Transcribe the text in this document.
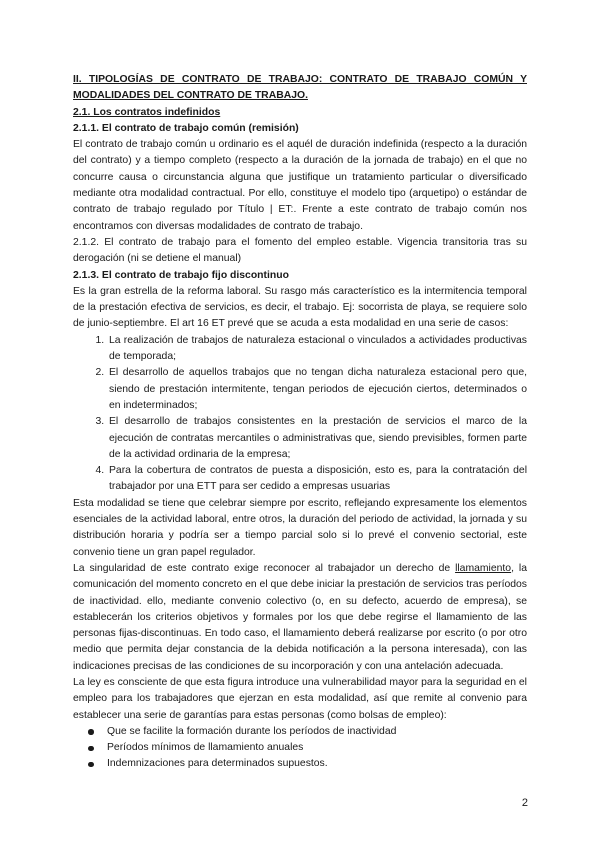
II. TIPOLOGÍAS DE CONTRATO DE TRABAJO: CONTRATO DE TRABAJO COMÚN Y
MODALIDADES DEL CONTRATO DE TRABAJO.
2.1. Los contratos indefinidos
2.1.1. El contrato de trabajo común (remisión)

El contrato de trabajo común u ordinario es el aquél de duración indefinida (respecto a la duración del contrato) y a tiempo completo (respecto a la duración de la jornada de trabajo) en el que no concurre causa o circunstancia alguna que justifique un tratamiento particular o diversificado mediante otra modalidad contractual. Por ello, constituye el modelo tipo (arquetipo) o estándar de contrato de trabajo regulado por Título | ET:. Frente a este contrato de trabajo común nos encontramos con diversas modalidades de contrato de trabajo.

2.1.2. El contrato de trabajo para el fomento del empleo estable. Vigencia transitoria tras su derogación (ni se detiene el manual)

2.1.3. El contrato de trabajo fijo discontinuo

Es la gran estrella de la reforma laboral. Su rasgo más característico es la intermitencia temporal de la prestación efectiva de servicios, es decir, el trabajo. Ej: socorrista de playa, se requiere solo de junio-septiembre. El art 16 ET prevé que se acuda a esta modalidad en una serie de casos:

1. La realización de trabajos de naturaleza estacional o vinculados a actividades productivas de temporada;
2. El desarrollo de aquellos trabajos que no tengan dicha naturaleza estacional pero que, siendo de prestación intermitente, tengan periodos de ejecución ciertos, determinados o en indeterminados;
3. El desarrollo de trabajos consistentes en la prestación de servicios el marco de la ejecución de contratas mercantiles o administrativas que, siendo previsibles, formen parte de la actividad ordinaria de la empresa;
4. Para la cobertura de contratos de puesta a disposición, esto es, para la contratación del trabajador por una ETT para ser cedido a empresas usuarias

Esta modalidad se tiene que celebrar siempre por escrito, reflejando expresamente los elementos esenciales de la actividad laboral, entre otros, la duración del periodo de actividad, la jornada y su distribución horaria y podría ser a tiempo parcial solo si lo prevé el convenio sectorial, este convenio tiene un gran papel regulador.

La singularidad de este contrato exige reconocer al trabajador un derecho de llamamiento, la comunicación del momento concreto en el que debe iniciar la prestación de servicios tras períodos de inactividad. ello, mediante convenio colectivo (o, en su defecto, acuerdo de empresa), se establecerán los criterios objetivos y formales por los que debe regirse el llamamiento de las personas fijas-discontinuas. En todo caso, el llamamiento deberá realizarse por escrito (o por otro medio que permita dejar constancia de la debida notificación a la persona interesada), con las indicaciones precisas de las condiciones de su incorporación y con una antelación adecuada.

La ley es consciente de que esta figura introduce una vulnerabilidad mayor para la seguridad en el empleo para los trabajadores que ejerzan en esta modalidad, así que remite al convenio para establecer una serie de garantías para estas personas (como bolsas de empleo):

Que se facilite la formación durante los períodos de inactividad
Períodos mínimos de llamamiento anuales
Indemnizaciones para determinados supuestos.
2
